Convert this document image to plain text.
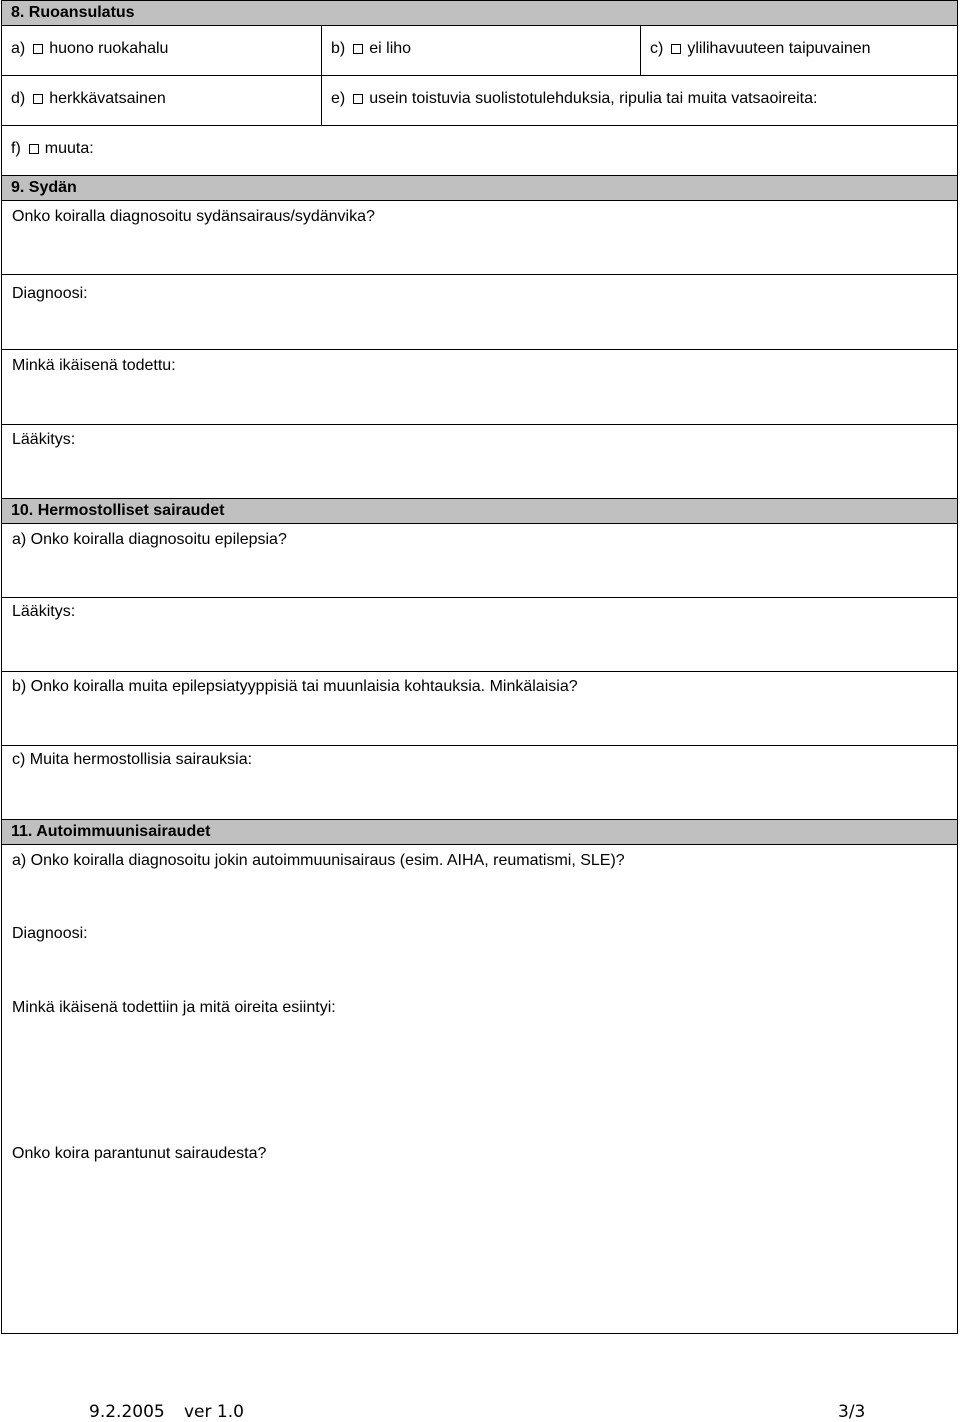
8. Ruoansulatus
a) huono ruokahalu	b) ei liho	c) ylilihavuuteen taipuvainen
d) herkkävatsainen	e) usein toistuvia suolistotulehduksia, ripulia tai muita vatsaoireita:
f) muuta:
9. Sydän
Onko koiralla diagnosoitu sydänsairaus/sydänvika?
Diagnoosi:
Minkä ikäisenä todettu:
Lääkitys:
10. Hermostolliset sairaudet
a) Onko koiralla diagnosoitu epilepsia?
Lääkitys:
b) Onko koiralla muita epilepsiatyyppisiä tai muunlaisia kohtauksia. Minkälaisia?
c) Muita hermostollisia sairauksia:
11. Autoimmuunisairaudet
a) Onko koiralla diagnosoitu jokin autoimmuunisairaus (esim. AIHA, reumatismi, SLE)?
Diagnoosi:
Minkä ikäisenä todettiin ja mitä oireita esiintyi:
Onko koira parantunut sairaudesta?
9.2.2005 ver 1.0	3/3
